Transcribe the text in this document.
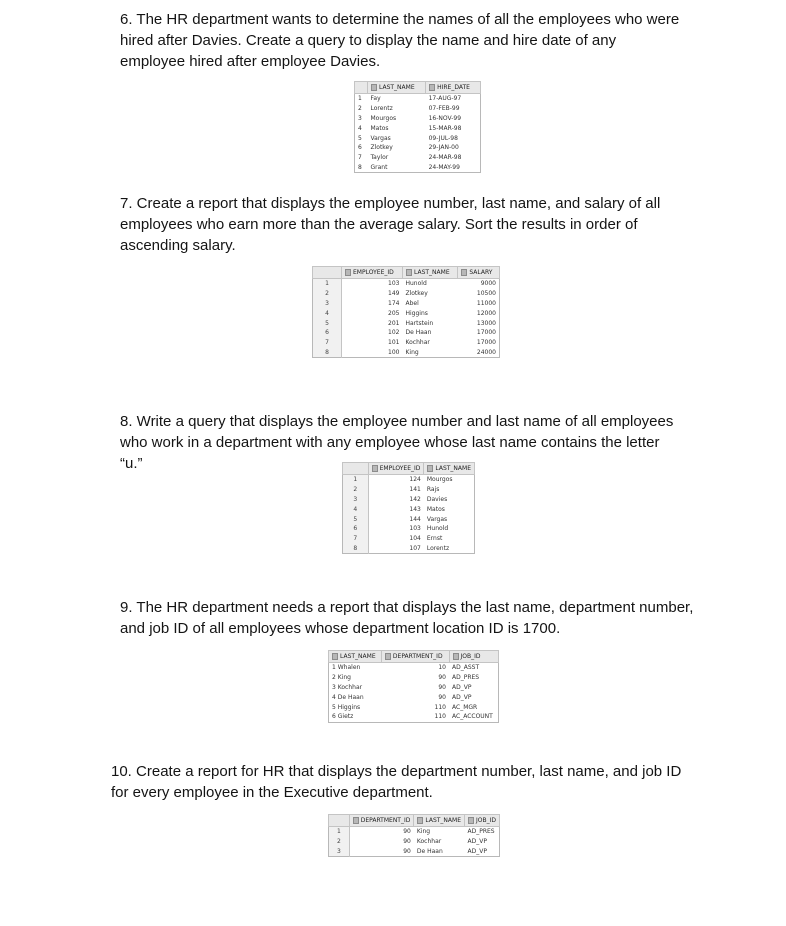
6. The HR department wants to determine the names of all the employees who were hired after Davies. Create a query to display the name and hire date of any employee hired after employee Davies.

	LAST_NAME	HIRE_DATE
1	Fay	17-AUG-97
2	Lorentz	07-FEB-99
3	Mourgos	16-NOV-99
4	Matos	15-MAR-98
5	Vargas	09-JUL-98
6	Zlotkey	29-JAN-00
7	Taylor	24-MAR-98
8	Grant	24-MAY-99

7. Create a report that displays the employee number, last name, and salary of all employees who earn more than the average salary. Sort the results in order of ascending salary.

	EMPLOYEE_ID	LAST_NAME	SALARY
1	103	Hunold	9000
2	149	Zlotkey	10500
3	174	Abel	11000
4	205	Higgins	12000
5	201	Hartstein	13000
6	102	De Haan	17000
7	101	Kochhar	17000
8	100	King	24000

8. Write a query that displays the employee number and last name of all employees who work in a department with any employee whose last name contains the letter “u.”

		EMPLOYEE_ID	LAST_NAME
1	124	Mourgos
2	141	Rajs
3	142	Davies
4	143	Matos
5	144	Vargas
6	103	Hunold
7	104	Ernst
8	107	Lorentz

9. The HR department needs a report that displays the last name, department number, and job ID of all employees whose department location ID is 1700.

LAST_NAME	DEPARTMENT_ID	JOB_ID
1 Whalen	10	AD_ASST
2 King	90	AD_PRES
3 Kochhar	90	AD_VP
4 De Haan	90	AD_VP
5 Higgins	110	AC_MGR
6 Gietz	110	AC_ACCOUNT

10. Create a report for HR that displays the department number, last name, and job ID for every employee in the Executive department.

	DEPARTMENT_ID	LAST_NAME	JOB_ID
1	90	King	AD_PRES
2	90	Kochhar	AD_VP
3	90	De Haan	AD_VP
